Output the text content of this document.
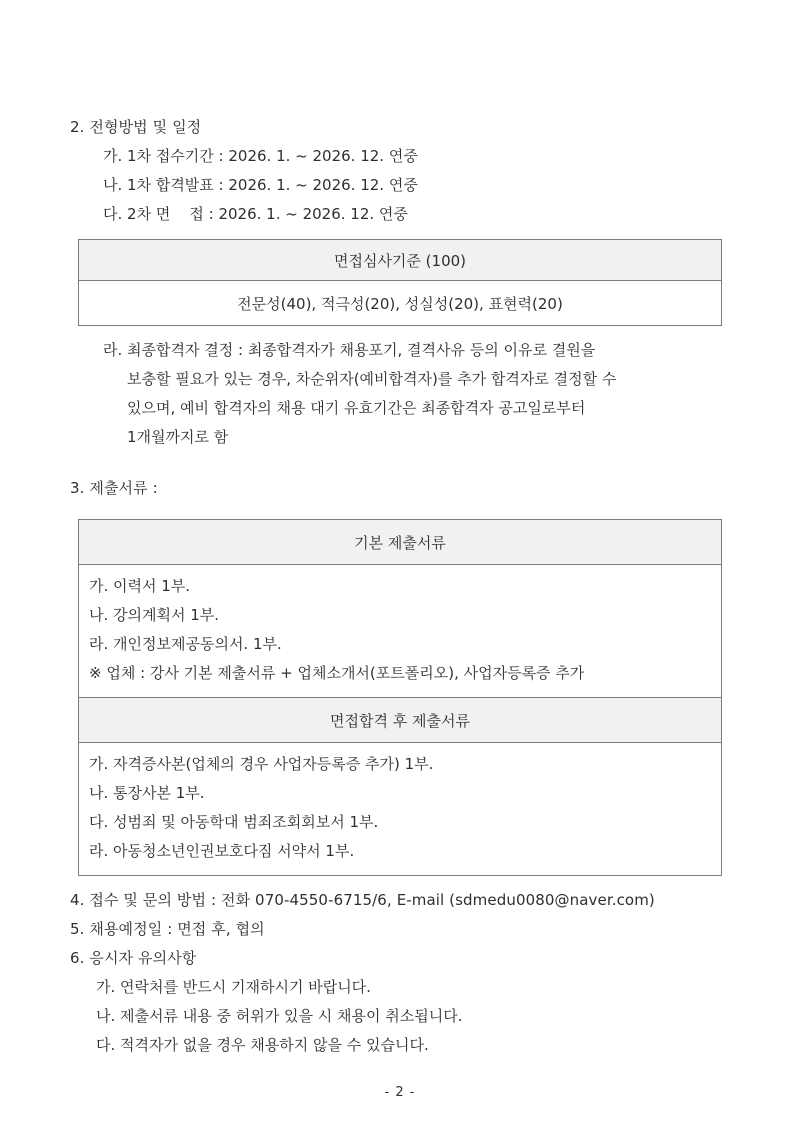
2. 전형방법 및 일정
가. 1차 접수기간 : 2026. 1. ~ 2026. 12. 연중
나. 1차 합격발표 : 2026. 1. ~ 2026. 12. 연중
다. 2차 면    접 : 2026. 1. ~ 2026. 12. 연중
면접심사기준 (100)
전문성(40), 적극성(20), 성실성(20), 표현력(20)
라. 최종합격자 결정 : 최종합격자가 채용포기, 결격사유 등의 이유로 결원을
보충할 필요가 있는 경우, 차순위자(예비합격자)를 추가 합격자로 결정할 수
있으며, 예비 합격자의 채용 대기 유효기간은 최종합격자 공고일로부터
1개월까지로 함
3. 제출서류 :
기본 제출서류

가. 이력서 1부.
나. 강의계획서 1부.
라. 개인정보제공동의서. 1부.
※ 업체 : 강사 기본 제출서류 + 업체소개서(포트폴리오), 사업자등록증 추가

면접합격 후 제출서류

가. 자격증사본(업체의 경우 사업자등록증 추가) 1부.
나. 통장사본 1부.
다. 성범죄 및 아동학대 범죄조회회보서 1부.
라. 아동청소년인권보호다짐 서약서 1부.
4. 접수 및 문의 방법 : 전화 070-4550-6715/6, E-mail (sdmedu0080@naver.com)
5. 채용예정일 : 면접 후, 협의
6. 응시자 유의사항
가. 연락처를 반드시 기재하시기 바랍니다.
나. 제출서류 내용 중 허위가 있을 시 채용이 취소됩니다.
다. 적격자가 없을 경우 채용하지 않을 수 있습니다.
- 2 -
